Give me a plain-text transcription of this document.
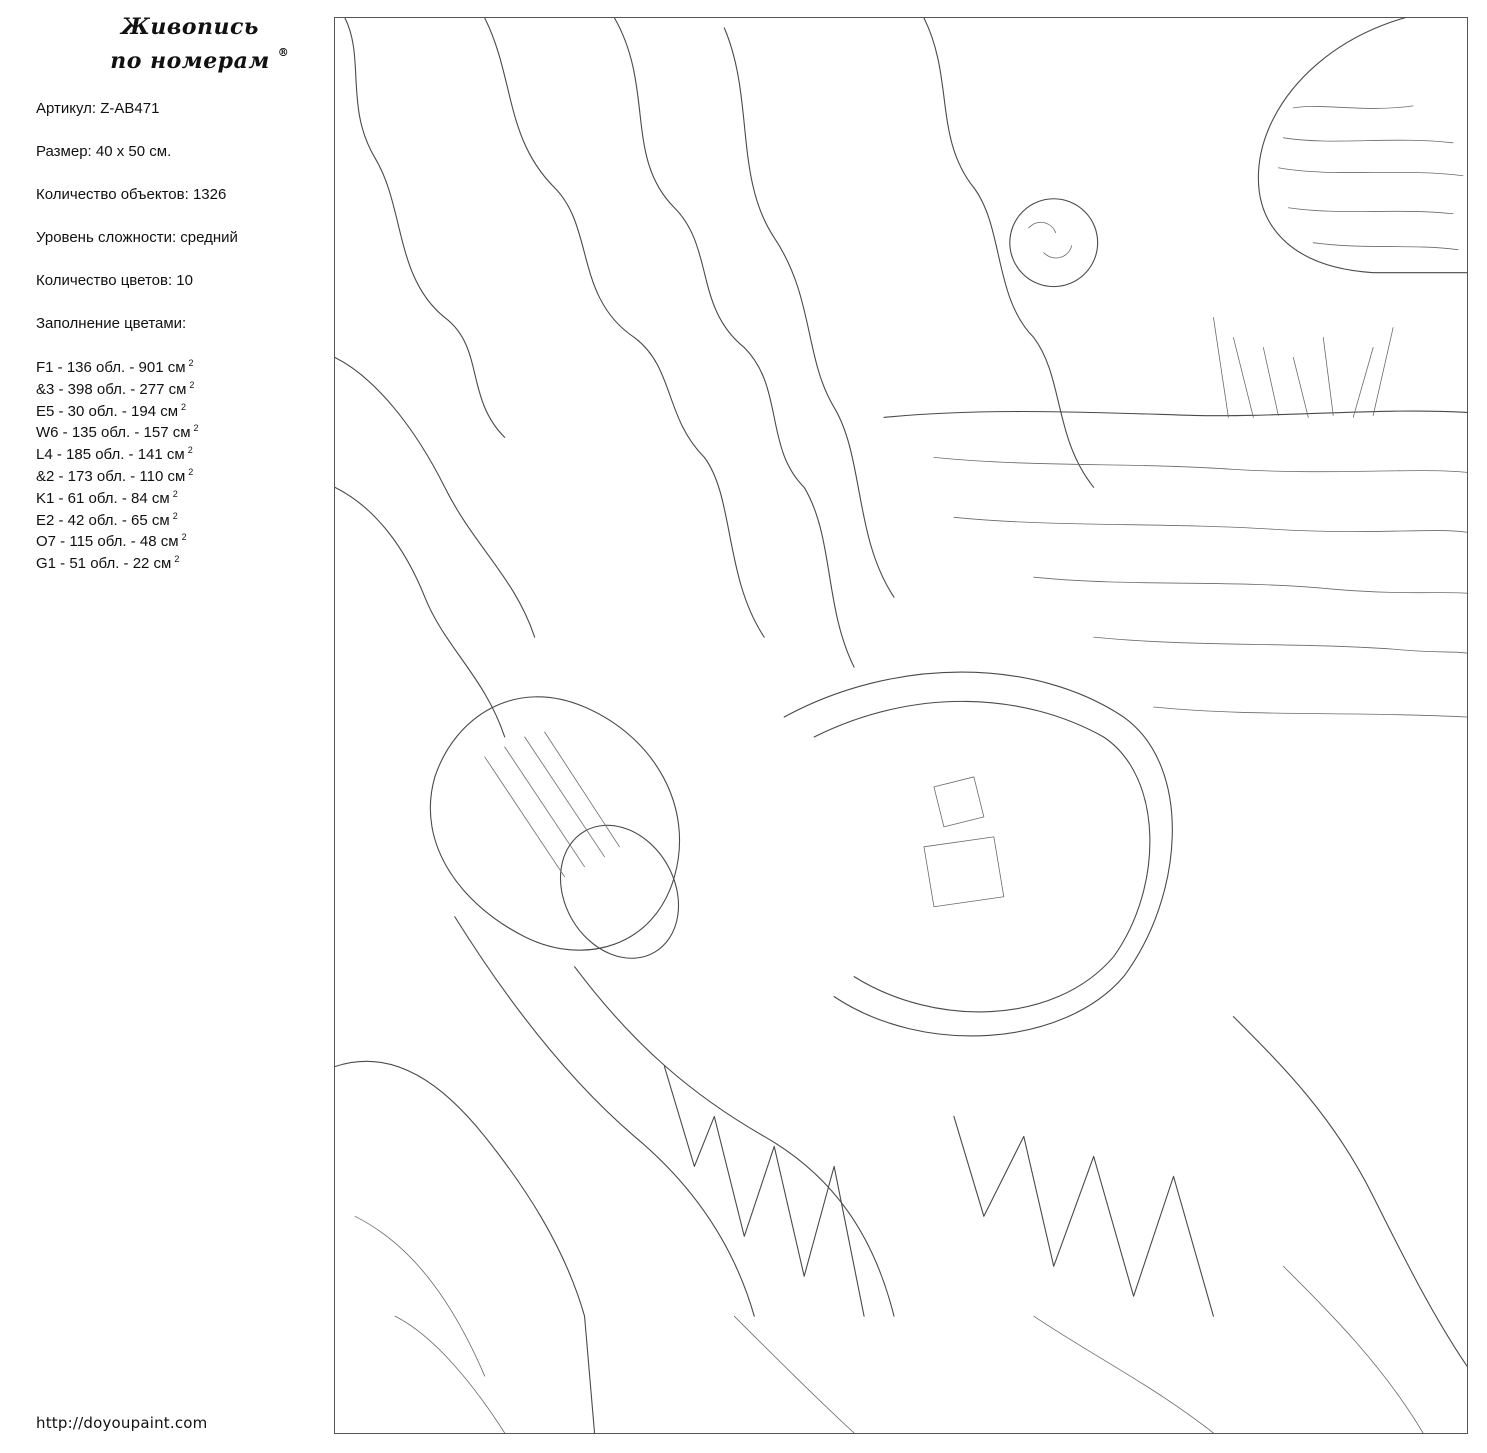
Живопись
по номерам ®
Артикул: Z-AB471
Размер: 40 х 50 см.
Количество объектов: 1326
Уровень сложности: средний
Количество цветов: 10
Заполнение цветами:
F1 - 136 обл. - 901 см $^2$
&3 - 398 обл. - 277 см $^2$
E5 - 30 обл. - 194 см $^2$
W6 - 135 обл. - 157 см $^2$
L4 - 185 обл. - 141 см $^2$
&2 - 173 обл. - 110 см $^2$
K1 - 61 обл. - 84 см $^2$
E2 - 42 обл. - 65 см $^2$
O7 - 115 обл. - 48 см $^2$
G1 - 51 обл. - 22 см $^2$
http://doyoupaint.com
